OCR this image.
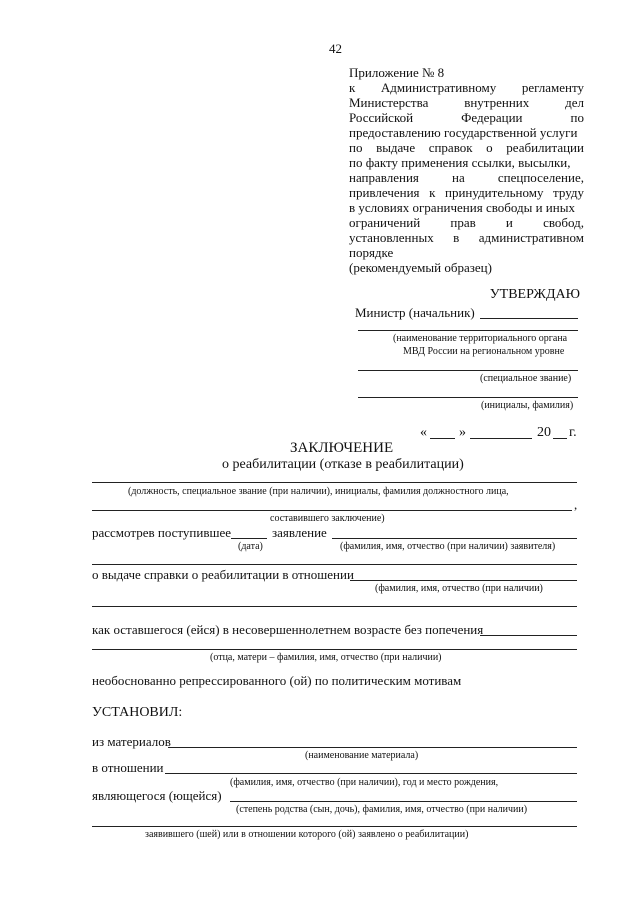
42
Приложение № 8
к Административному регламенту
Министерства	внутренних	дел
Российской	Федерации	по
предоставлению государственной услуги
по выдаче справок о реабилитации
по факту применения ссылки, высылки,
направления	на	спецпоселение,
привлечения к принудительному труду
в условиях ограничения свободы и иных
ограничений прав и свобод,
установленных в административном
порядке
(рекомендуемый образец)
УТВЕРЖДАЮ
Министр (начальник)
(наименование территориального органа
МВД России на региональном уровне
(специальное звание)
(инициалы, фамилия)
« »	20 г.
ЗАКЛЮЧЕНИЕ
о реабилитации (отказе в реабилитации)
(должность, специальное звание (при наличии), инициалы, фамилия должностного лица,
,
составившего заключение)
рассмотрев поступившее	заявление
(дата)	(фамилия, имя, отчество (при наличии) заявителя)
о выдаче справки о реабилитации в отношении
(фамилия, имя, отчество (при наличии)
как оставшегося (ейся) в несовершеннолетнем возрасте без попечения
(отца, матери – фамилия, имя, отчество (при наличии)
необоснованно репрессированного (ой) по политическим мотивам
УСТАНОВИЛ:
из материалов
(наименование материала)
в отношении
(фамилия, имя, отчество (при наличии), год и место рождения,
являющегося (ющейся)
(степень родства (сын, дочь), фамилия, имя, отчество (при наличии)
заявившего (шей) или в отношении которого (ой) заявлено о реабилитации)
